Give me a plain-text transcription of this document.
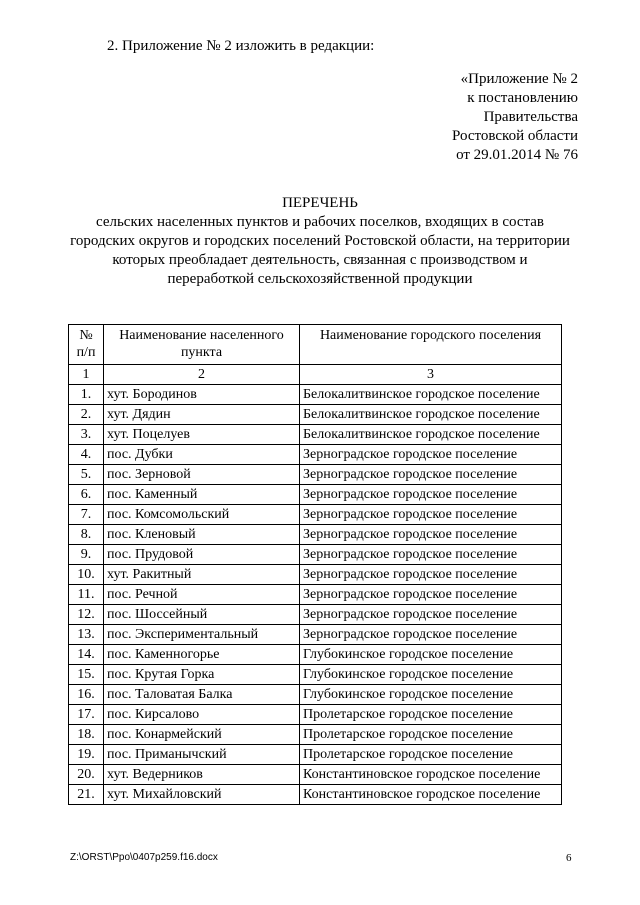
2. Приложение № 2 изложить в редакции:
«Приложение № 2
к постановлению
Правительства
Ростовской области
от 29.01.2014 № 76
ПЕРЕЧЕНЬ
сельских населенных пунктов и рабочих поселков, входящих в состав городских округов и городских поселений Ростовской области, на территории которых преобладает деятельность, связанная с производством и переработкой сельскохозяйственной продукции
№ п/п	Наименование населенного пункта	Наименование городского поселения
1	2	3
1.	хут. Бородинов	Белокалитвинское городское поселение
2.	хут. Дядин	Белокалитвинское городское поселение
3.	хут. Поцелуев	Белокалитвинское городское поселение
4.	пос. Дубки	Зерноградское городское поселение
5.	пос. Зерновой	Зерноградское городское поселение
6.	пос. Каменный	Зерноградское городское поселение
7.	пос. Комсомольский	Зерноградское городское поселение
8.	пос. Кленовый	Зерноградское городское поселение
9.	пос. Прудовой	Зерноградское городское поселение
10.	хут. Ракитный	Зерноградское городское поселение
11.	пос. Речной	Зерноградское городское поселение
12.	пос. Шоссейный	Зерноградское городское поселение
13.	пос. Экспериментальный	Зерноградское городское поселение
14.	пос. Каменногорье	Глубокинское городское поселение
15.	пос. Крутая Горка	Глубокинское городское поселение
16.	пос. Таловатая Балка	Глубокинское городское поселение
17.	пос. Кирсалово	Пролетарское городское поселение
18.	пос. Конармейский	Пролетарское городское поселение
19.	пос. Приманычский	Пролетарское городское поселение
20.	хут. Ведерников	Константиновское городское поселение
21.	хут. Михайловский	Константиновское городское поселение
Z:\ORST\Ppo\0407p259.f16.docx	6
